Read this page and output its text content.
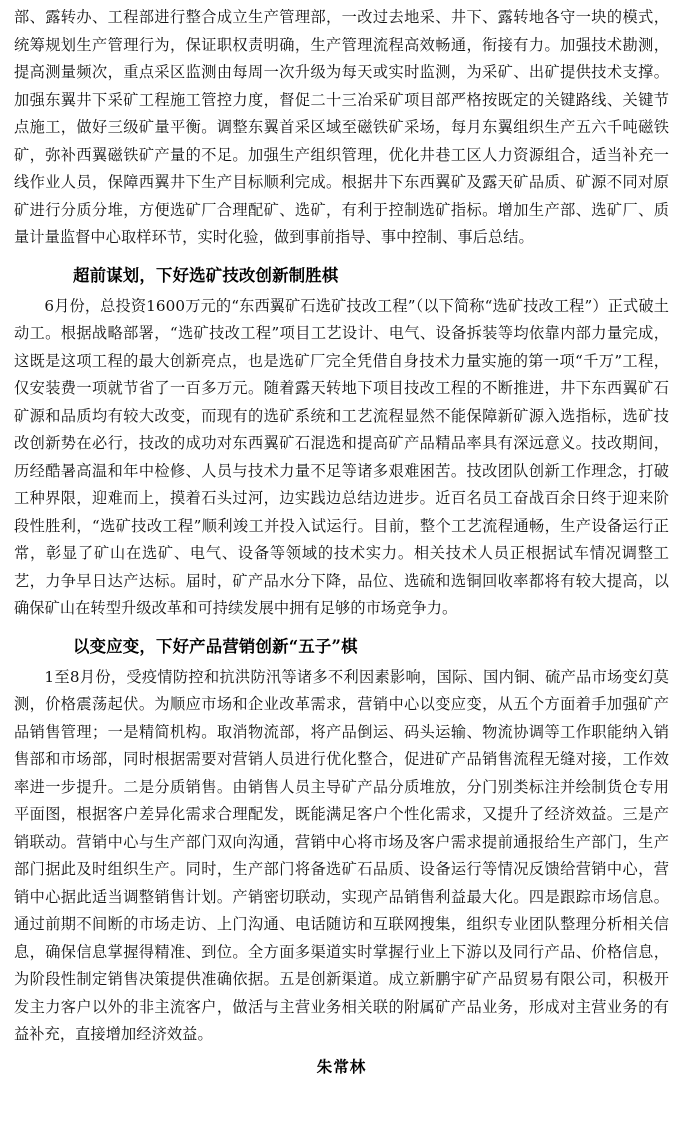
部、露转办、工程部进行整合成立生产管理部，一改过去地采、井下、露转地各守一块的模式，统筹规划生产管理行为，保证职权责明确，生产管理流程高效畅通，衔接有力。加强技术勘测，提高测量频次，重点采区监测由每周一次升级为每天或实时监测，为采矿、出矿提供技术支撑。加强东翼井下采矿工程施工管控力度，督促二十三冶采矿项目部严格按既定的关键路线、关键节点施工，做好三级矿量平衡。调整东翼首采区域至磁铁矿采场，每月东翼组织生产五六千吨磁铁矿，弥补西翼磁铁矿产量的不足。加强生产组织管理，优化井巷工区人力资源组合，适当补充一线作业人员，保障西翼井下生产目标顺利完成。根据井下东西翼矿及露天矿品质、矿源不同对原矿进行分质分堆，方便选矿厂合理配矿、选矿，有利于控制选矿指标。增加生产部、选矿厂、质量计量监督中心取样环节，实时化验，做到事前指导、事中控制、事后总结。

超前谋划，下好选矿技改创新制胜棋

6月份，总投资1600万元的“东西翼矿石选矿技改工程”（以下简称“选矿技改工程”）正式破土动工。根据战略部署，“选矿技改工程”项目工艺设计、电气、设备拆装等均依靠内部力量完成，这既是这项工程的最大创新亮点，也是选矿厂完全凭借自身技术力量实施的第一项“千万”工程，仅安装费一项就节省了一百多万元。随着露天转地下项目技改工程的不断推进，井下东西翼矿石矿源和品质均有较大改变，而现有的选矿系统和工艺流程显然不能保障新矿源入选指标，选矿技改创新势在必行，技改的成功对东西翼矿石混选和提高矿产品精品率具有深远意义。技改期间，历经酷暑高温和年中检修、人员与技术力量不足等诸多艰难困苦。技改团队创新工作理念，打破工种界限，迎难而上，摸着石头过河，边实践边总结边进步。近百名员工奋战百余日终于迎来阶段性胜利，“选矿技改工程”顺利竣工并投入试运行。目前，整个工艺流程通畅，生产设备运行正常，彰显了矿山在选矿、电气、设备等领域的技术实力。相关技术人员正根据试车情况调整工艺，力争早日达产达标。届时，矿产品水分下降，品位、选硫和选铜回收率都将有较大提高，以确保矿山在转型升级改革和可持续发展中拥有足够的市场竞争力。

以变应变，下好产品营销创新“五子”棋

1至8月份，受疫情防控和抗洪防汛等诸多不利因素影响，国际、国内铜、硫产品市场变幻莫测，价格震荡起伏。为顺应市场和企业改革需求，营销中心以变应变，从五个方面着手加强矿产品销售管理；一是精简机构。取消物流部，将产品倒运、码头运输、物流协调等工作职能纳入销售部和市场部，同时根据需要对营销人员进行优化整合，促进矿产品销售流程无缝对接，工作效率进一步提升。二是分质销售。由销售人员主导矿产品分质堆放，分门别类标注并绘制货仓专用平面图，根据客户差异化需求合理配发，既能满足客户个性化需求，又提升了经济效益。三是产销联动。营销中心与生产部门双向沟通，营销中心将市场及客户需求提前通报给生产部门，生产部门据此及时组织生产。同时，生产部门将备选矿石品质、设备运行等情况反馈给营销中心，营销中心据此适当调整销售计划。产销密切联动，实现产品销售利益最大化。四是跟踪市场信息。通过前期不间断的市场走访、上门沟通、电话随访和互联网搜集，组织专业团队整理分析相关信息，确保信息掌握得精准、到位。全方面多渠道实时掌握行业上下游以及同行产品、价格信息，为阶段性制定销售决策提供准确依据。五是创新渠道。成立新鹏宇矿产品贸易有限公司，积极开发主力客户以外的非主流客户，做活与主营业务相关联的附属矿产品业务，形成对主营业务的有益补充，直接增加经济效益。

朱常林
